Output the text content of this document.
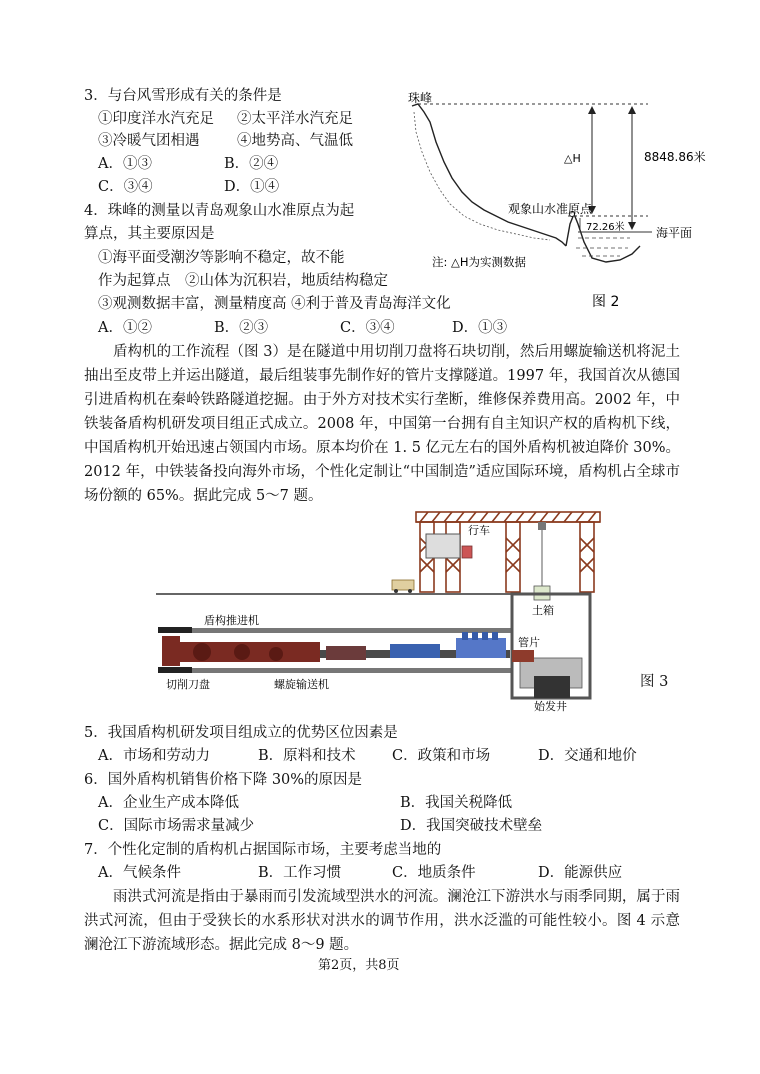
3．与台风雪形成有关的条件是
①印度洋水汽充足 ②太平洋水汽充足
③冷暖气团相遇	④地势高、气温低
A．①③	B．②④
C．③④	D．①④
4．珠峰的测量以青岛观象山水准原点为起
算点，其主要原因是
①海平面受潮汐等影响不稳定，故不能
作为起算点　②山体为沉积岩，地质结构稳定
③观测数据丰富，测量精度高 ④利于普及青岛海洋文化
A．①②	B．②③	C．③④	D．①③
珠峰
△H	8848.86米
观象山水准原点
72.26米	海平面
注: △H为实测数据
图 2
盾构机的工作流程（图 3）是在隧道中用切削刀盘将石块切削，然后用螺旋输送机将泥土抽出至皮带上并运出隧道，最后组装事先制作好的管片支撑隧道。1997 年，我国首次从德国引进盾构机在秦岭铁路隧道挖掘。由于外方对技术实行垄断，维修保养费用高。2002 年，中铁装备盾构机研发项目组正式成立。2008 年，中国第一台拥有自主知识产权的盾构机下线，中国盾构机开始迅速占领国内市场。原本均价在 1. 5 亿元左右的国外盾构机被迫降价 30%。2012 年，中铁装备投向海外市场，个性化定制让“中国制造”适应国际环境，盾构机占全球市场份额的 65%。据此完成 5～7 题。
行车
土箱
盾构推进机
管片
切削刀盘	螺旋输送机
始发井
图 3
5．我国盾构机研发项目组成立的优势区位因素是
A．市场和劳动力	B．原料和技术	C．政策和市场	D．交通和地价
6．国外盾构机销售价格下降 30%的原因是
A．企业生产成本降低	B．我国关税降低
C．国际市场需求量减少	D．我国突破技术壁垒
7．个性化定制的盾构机占据国际市场，主要考虑当地的
A．气候条件	B．工作习惯	C．地质条件	D．能源供应
雨洪式河流是指由于暴雨而引发流域型洪水的河流。澜沧江下游洪水与雨季同期，属于雨洪式河流，但由于受狭长的水系形状对洪水的调节作用，洪水泛滥的可能性较小。图 4 示意澜沧江下游流域形态。据此完成 8～9 题。
第2页，共8页
